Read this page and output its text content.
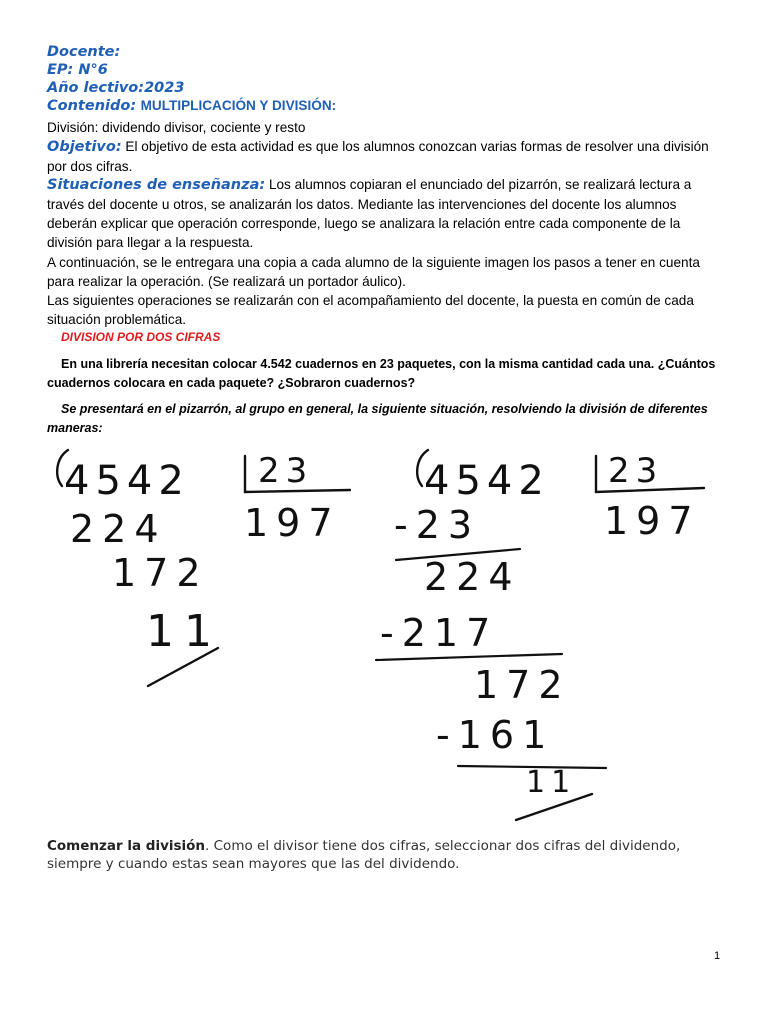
Docente:
EP: N°6
Año lectivo:2023
Contenido: MULTIPLICACIÓN Y DIVISIÓN:
División: dividendo divisor, cociente y resto
Objetivo: El objetivo de esta actividad es que los alumnos conozcan varias formas de resolver una división por dos cifras.
Situaciones de enseñanza: Los alumnos copiaran el enunciado del pizarrón, se realizará lectura a través del docente u otros, se analizarán los datos. Mediante las intervenciones del docente los alumnos deberán explicar que operación corresponde, luego se analizara la relación entre cada componente de la división para llegar a la respuesta.
A continuación, se le entregara una copia a cada alumno de la siguiente imagen los pasos a tener en cuenta para realizar la operación. (Se realizará un portador áulico).
Las siguientes operaciones se realizarán con el acompañamiento del docente, la puesta en común de cada situación problemática.
DIVISION POR DOS CIFRAS
En una librería necesitan colocar 4.542 cuadernos en 23 paquetes, con la misma cantidad cada una. ¿Cuántos cuadernos colocara en cada paquete? ¿Sobraron cuadernos?
Se presentará en el pizarrón, al grupo en general, la siguiente situación, resolviendo la división de diferentes maneras:
4542 23
197
224
172
11
4542 23
197
-23
224
-217
172
-161
11
Comenzar la división. Como el divisor tiene dos cifras, seleccionar dos cifras del dividendo, siempre y cuando estas sean mayores que las del dividendo.
1
